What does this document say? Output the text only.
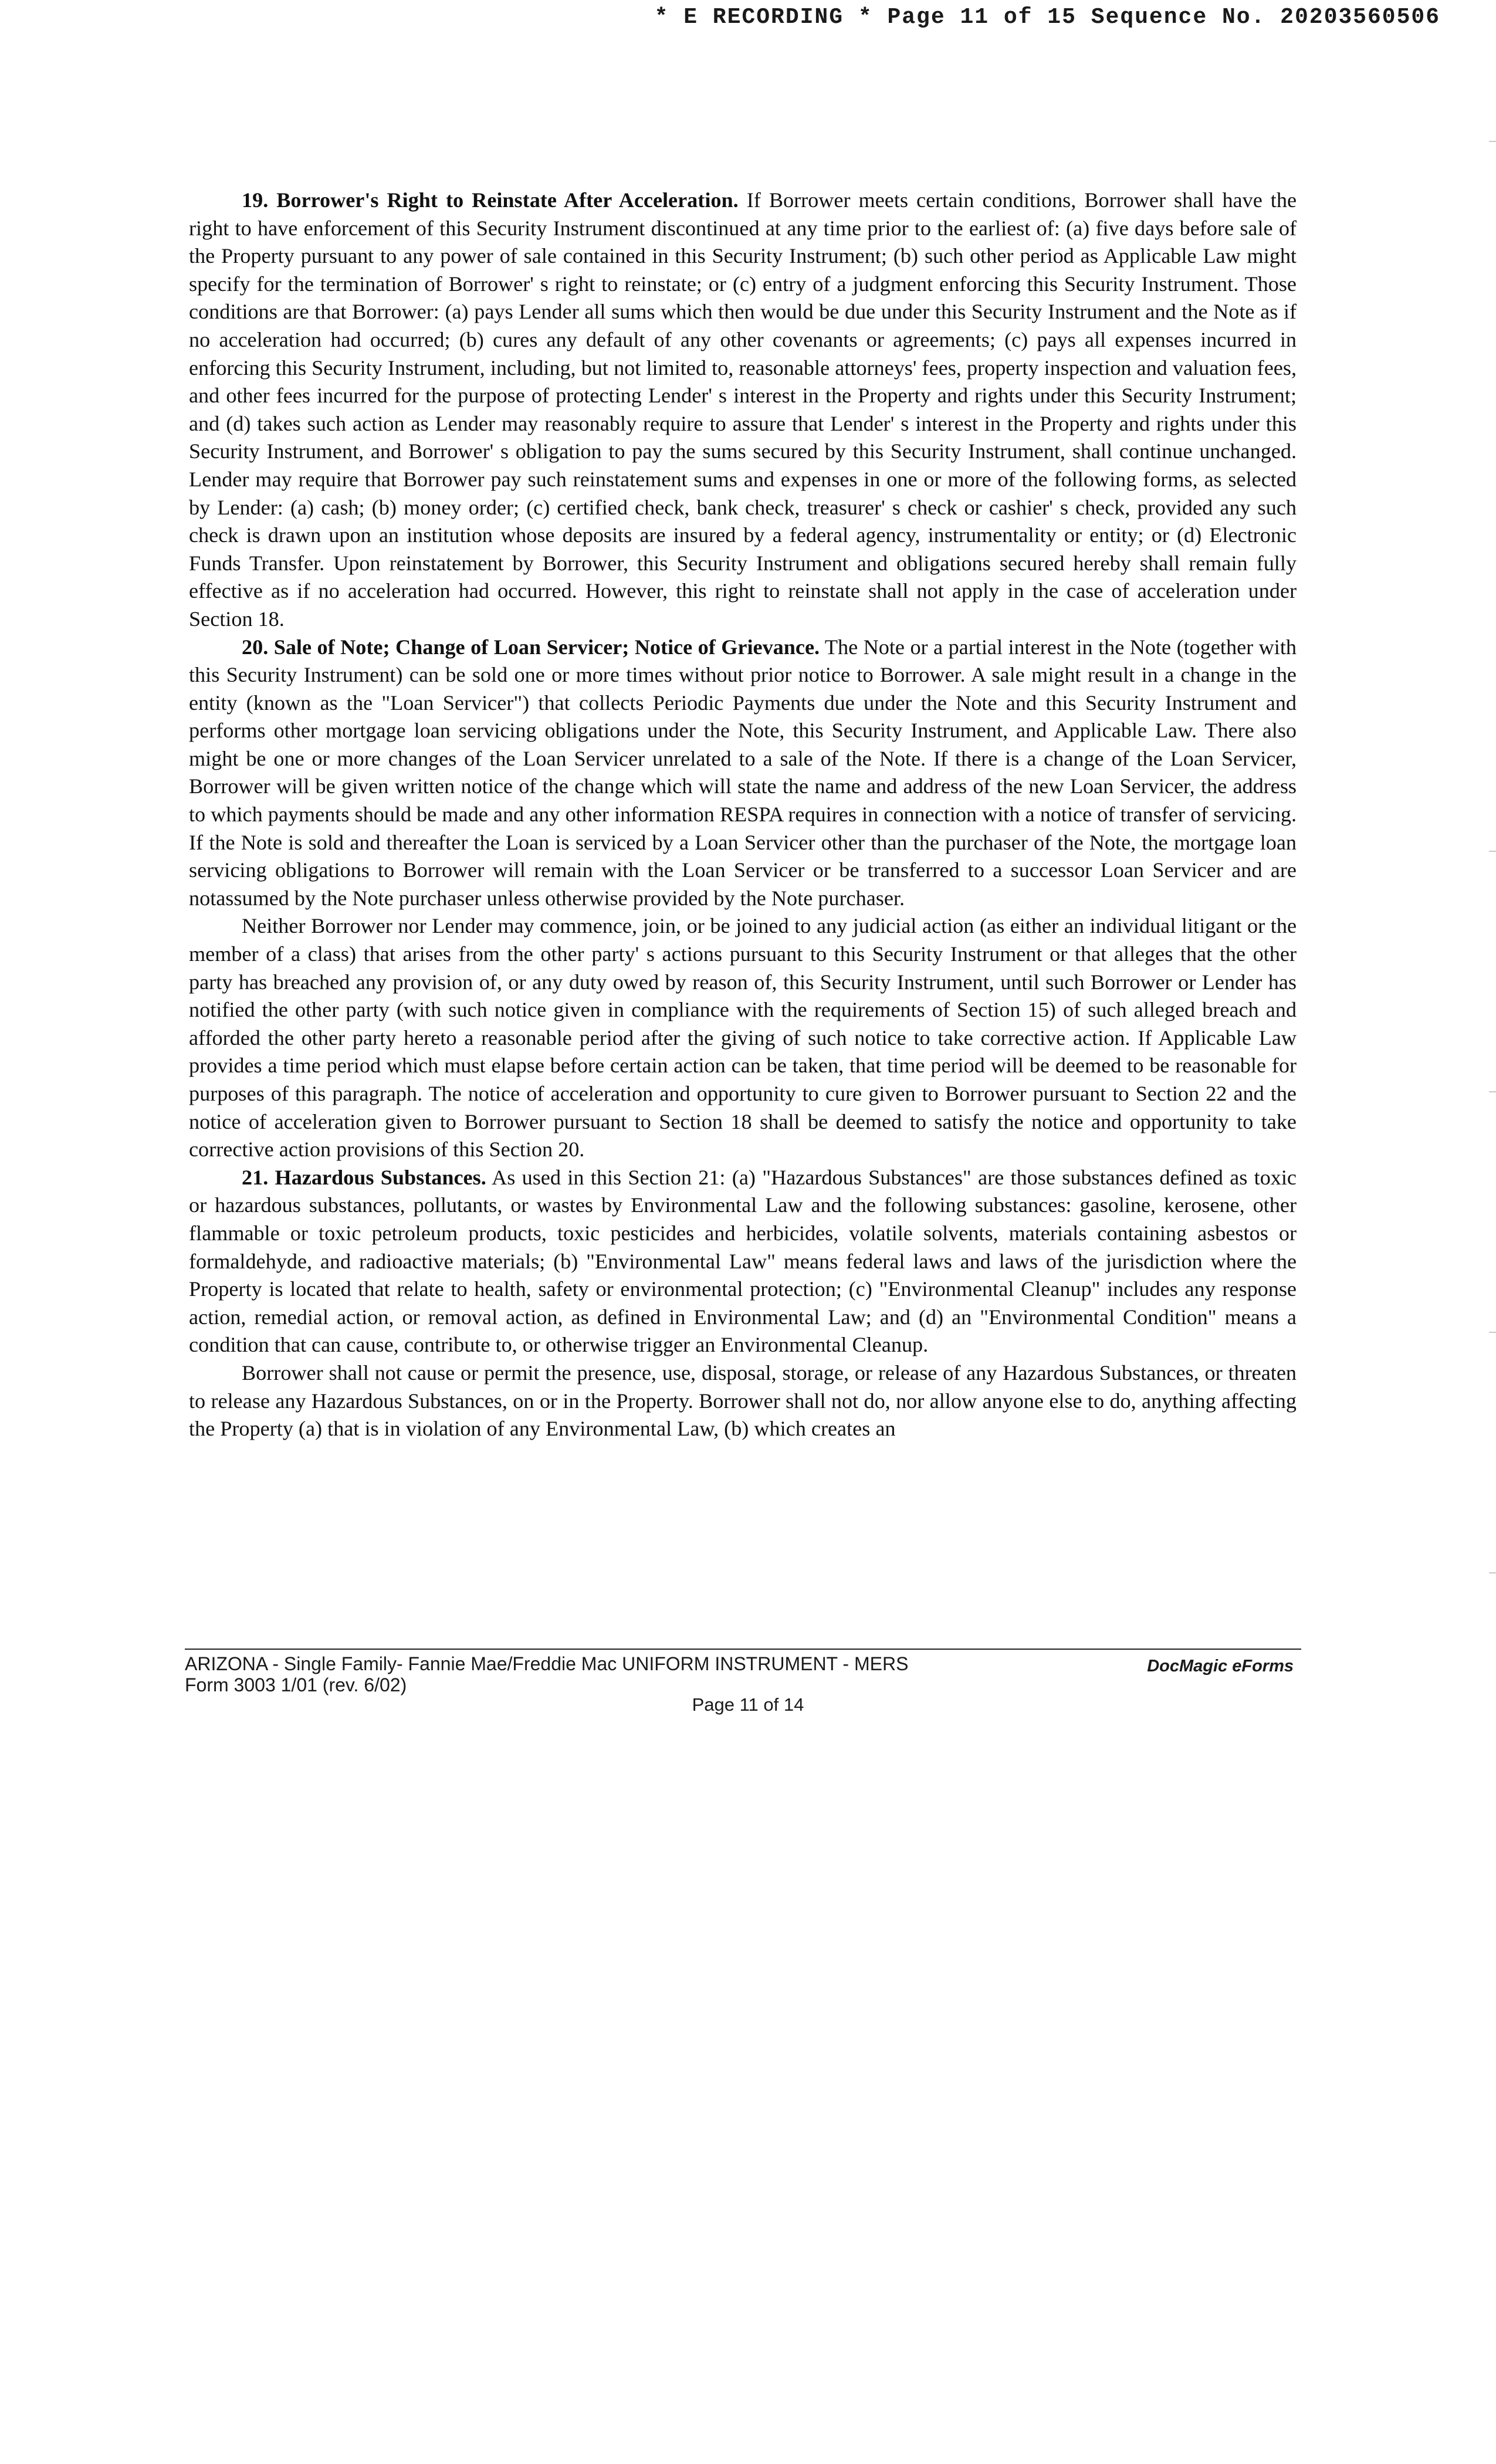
* E RECORDING * Page 11 of 15 Sequence No. 20203560506

19. Borrower's Right to Reinstate After Acceleration. If Borrower meets certain conditions, Borrower shall have the right to have enforcement of this Security Instrument discontinued at any time prior to the earliest of: (a) five days before sale of the Property pursuant to any power of sale contained in this Security Instrument; (b) such other period as Applicable Law might specify for the termination of Borrower' s right to reinstate; or (c) entry of a judgment enforcing this Security Instrument. Those conditions are that Borrower: (a) pays Lender all sums which then would be due under this Security Instrument and the Note as if no acceleration had occurred; (b) cures any default of any other covenants or agreements; (c) pays all expenses incurred in enforcing this Security Instrument, including, but not limited to, reasonable attorneys' fees, property inspection and valuation fees, and other fees incurred for the purpose of protecting Lender' s interest in the Property and rights under this Security Instrument; and (d) takes such action as Lender may reasonably require to assure that Lender' s interest in the Property and rights under this Security Instrument, and Borrower' s obligation to pay the sums secured by this Security Instrument, shall continue unchanged. Lender may require that Borrower pay such reinstatement sums and expenses in one or more of the following forms, as selected by Lender: (a) cash; (b) money order; (c) certified check, bank check, treasurer' s check or cashier' s check, provided any such check is drawn upon an institution whose deposits are insured by a federal agency, instrumentality or entity; or (d) Electronic Funds Transfer. Upon reinstatement by Borrower, this Security Instrument and obligations secured hereby shall remain fully effective as if no acceleration had occurred. However, this right to reinstate shall not apply in the case of acceleration under Section 18.

20. Sale of Note; Change of Loan Servicer; Notice of Grievance. The Note or a partial interest in the Note (together with this Security Instrument) can be sold one or more times without prior notice to Borrower. A sale might result in a change in the entity (known as the "Loan Servicer") that collects Periodic Payments due under the Note and this Security Instrument and performs other mortgage loan servicing obligations under the Note, this Security Instrument, and Applicable Law. There also might be one or more changes of the Loan Servicer unrelated to a sale of the Note. If there is a change of the Loan Servicer, Borrower will be given written notice of the change which will state the name and address of the new Loan Servicer, the address to which payments should be made and any other information RESPA requires in connection with a notice of transfer of servicing. If the Note is sold and thereafter the Loan is serviced by a Loan Servicer other than the purchaser of the Note, the mortgage loan servicing obligations to Borrower will remain with the Loan Servicer or be transferred to a successor Loan Servicer and are notassumed by the Note purchaser unless otherwise provided by the Note purchaser.

Neither Borrower nor Lender may commence, join, or be joined to any judicial action (as either an individual litigant or the member of a class) that arises from the other party' s actions pursuant to this Security Instrument or that alleges that the other party has breached any provision of, or any duty owed by reason of, this Security Instrument, until such Borrower or Lender has notified the other party (with such notice given in compliance with the requirements of Section 15) of such alleged breach and afforded the other party hereto a reasonable period after the giving of such notice to take corrective action. If Applicable Law provides a time period which must elapse before certain action can be taken, that time period will be deemed to be reasonable for purposes of this paragraph. The notice of acceleration and opportunity to cure given to Borrower pursuant to Section 22 and the notice of acceleration given to Borrower pursuant to Section 18 shall be deemed to satisfy the notice and opportunity to take corrective action provisions of this Section 20.

21. Hazardous Substances. As used in this Section 21: (a) "Hazardous Substances" are those substances defined as toxic or hazardous substances, pollutants, or wastes by Environmental Law and the following substances: gasoline, kerosene, other flammable or toxic petroleum products, toxic pesticides and herbicides, volatile solvents, materials containing asbestos or formaldehyde, and radioactive materials; (b) "Environmental Law" means federal laws and laws of the jurisdiction where the Property is located that relate to health, safety or environmental protection; (c) "Environmental Cleanup" includes any response action, remedial action, or removal action, as defined in Environmental Law; and (d) an "Environmental Condition" means a condition that can cause, contribute to, or otherwise trigger an Environmental Cleanup.

Borrower shall not cause or permit the presence, use, disposal, storage, or release of any Hazardous Substances, or threaten to release any Hazardous Substances, on or in the Property. Borrower shall not do, nor allow anyone else to do, anything affecting the Property (a) that is in violation of any Environmental Law, (b) which creates an

ARIZONA - Single Family- Fannie Mae/Freddie Mac UNIFORM INSTRUMENT - MERS
Form 3003 1/01 (rev. 6/02)
DocMagic eForms
Page 11 of 14
